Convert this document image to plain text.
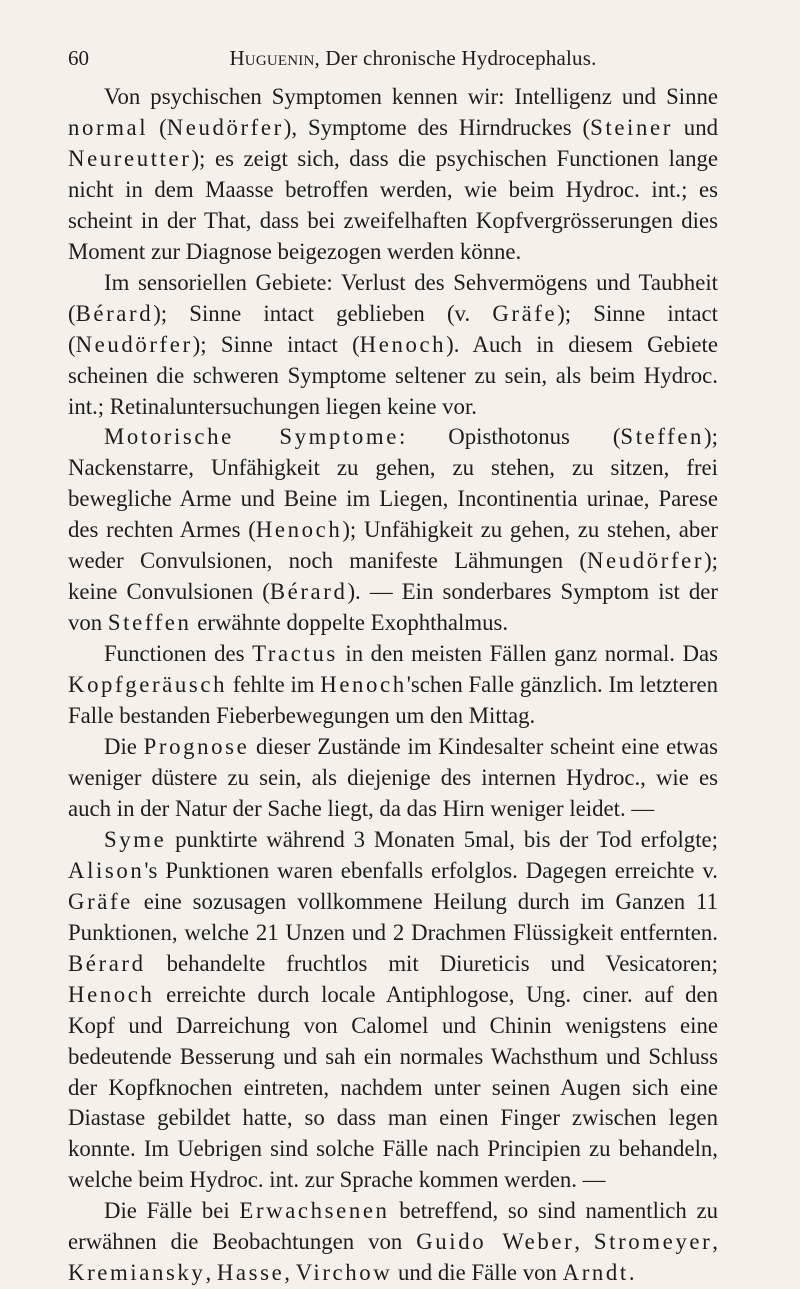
60	Huguenin, Der chronische Hydrocephalus.

Von psychischen Symptomen kennen wir: Intelligenz und Sinne normal (Neudörfer), Symptome des Hirndruckes (Steiner und Neureutter); es zeigt sich, dass die psychischen Functionen lange nicht in dem Maasse betroffen werden, wie beim Hydroc. int.; es scheint in der That, dass bei zweifelhaften Kopfvergrösserungen dies Moment zur Diagnose beigezogen werden könne.

Im sensoriellen Gebiete: Verlust des Sehvermögens und Taubheit (Bérard); Sinne intact geblieben (v. Gräfe); Sinne intact (Neudörfer); Sinne intact (Henoch). Auch in diesem Gebiete scheinen die schweren Symptome seltener zu sein, als beim Hydroc. int.; Retinaluntersuchungen liegen keine vor.

Motorische Symptome: Opisthotonus (Steffen); Nackenstarre, Unfähigkeit zu gehen, zu stehen, zu sitzen, frei bewegliche Arme und Beine im Liegen, Incontinentia urinae, Parese des rechten Armes (Henoch); Unfähigkeit zu gehen, zu stehen, aber weder Convulsionen, noch manifeste Lähmungen (Neudörfer); keine Convulsionen (Bérard). — Ein sonderbares Symptom ist der von Steffen erwähnte doppelte Exophthalmus.

Functionen des Tractus in den meisten Fällen ganz normal. Das Kopfgeräusch fehlte im Henoch'schen Falle gänzlich. Im letzteren Falle bestanden Fieberbewegungen um den Mittag.

Die Prognose dieser Zustände im Kindesalter scheint eine etwas weniger düstere zu sein, als diejenige des internen Hydroc., wie es auch in der Natur der Sache liegt, da das Hirn weniger leidet. —

Syme punktirte während 3 Monaten 5mal, bis der Tod erfolgte; Alison's Punktionen waren ebenfalls erfolglos. Dagegen erreichte v. Gräfe eine sozusagen vollkommene Heilung durch im Ganzen 11 Punktionen, welche 21 Unzen und 2 Drachmen Flüssigkeit entfernten. Bérard behandelte fruchtlos mit Diureticis und Vesicatoren; Henoch erreichte durch locale Antiphlogose, Ung. ciner. auf den Kopf und Darreichung von Calomel und Chinin wenigstens eine bedeutende Besserung und sah ein normales Wachsthum und Schluss der Kopfknochen eintreten, nachdem unter seinen Augen sich eine Diastase gebildet hatte, so dass man einen Finger zwischen legen konnte. Im Uebrigen sind solche Fälle nach Principien zu behandeln, welche beim Hydroc. int. zur Sprache kommen werden. —

Die Fälle bei Erwachsenen betreffend, so sind namentlich zu erwähnen die Beobachtungen von Guido Weber, Stromeyer, Kremiansky, Hasse, Virchow und die Fälle von Arndt.
